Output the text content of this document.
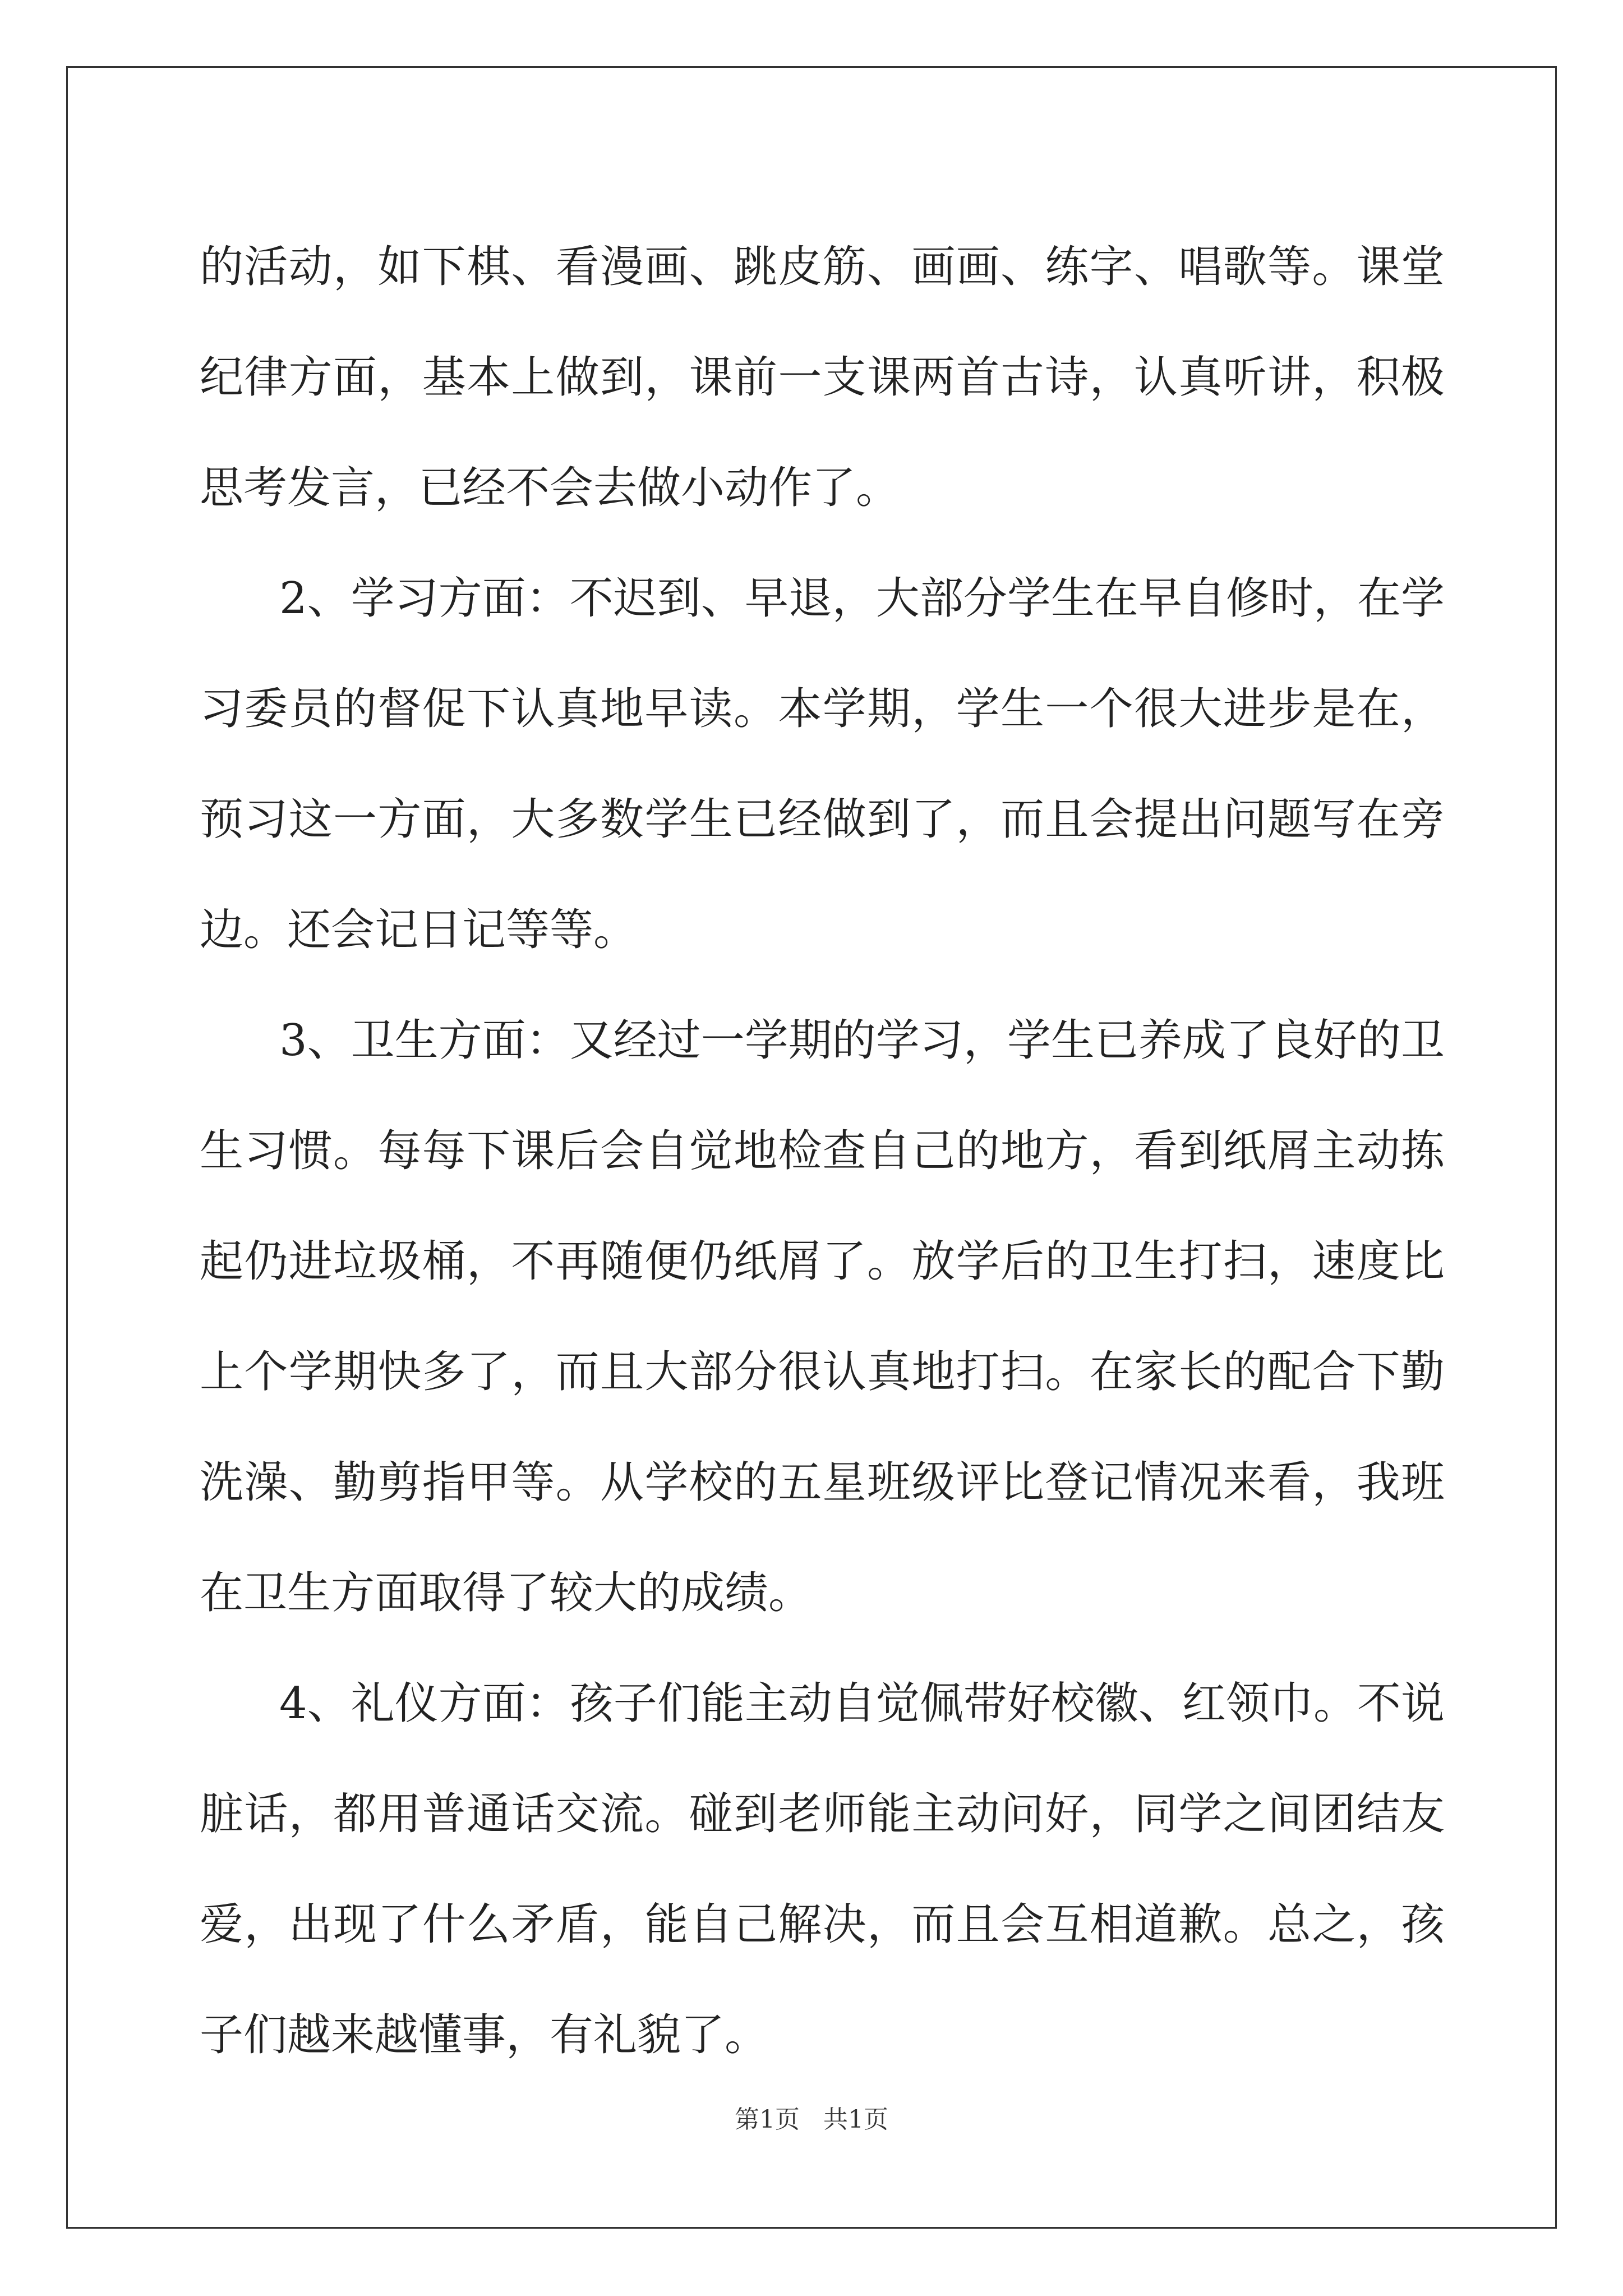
的活动，如下棋、看漫画、跳皮筋、画画、练字、唱歌等。课堂纪律方面，基本上做到，课前一支课两首古诗，认真听讲，积极思考发言，已经不会去做小动作了。

2、学习方面：不迟到、早退，大部分学生在早自修时，在学习委员的督促下认真地早读。本学期，学生一个很大进步是在，预习这一方面，大多数学生已经做到了，而且会提出问题写在旁边。还会记日记等等。

3、卫生方面：又经过一学期的学习，学生已养成了良好的卫生习惯。每每下课后会自觉地检查自己的地方，看到纸屑主动拣起仍进垃圾桶，不再随便仍纸屑了。放学后的卫生打扫，速度比上个学期快多了，而且大部分很认真地打扫。在家长的配合下勤洗澡、勤剪指甲等。从学校的五星班级评比登记情况来看，我班在卫生方面取得了较大的成绩。

4、礼仪方面：孩子们能主动自觉佩带好校徽、红领巾。不说脏话，都用普通话交流。碰到老师能主动问好，同学之间团结友爱，出现了什么矛盾，能自己解决，而且会互相道歉。总之，孩子们越来越懂事，有礼貌了。

第1页 共1页
